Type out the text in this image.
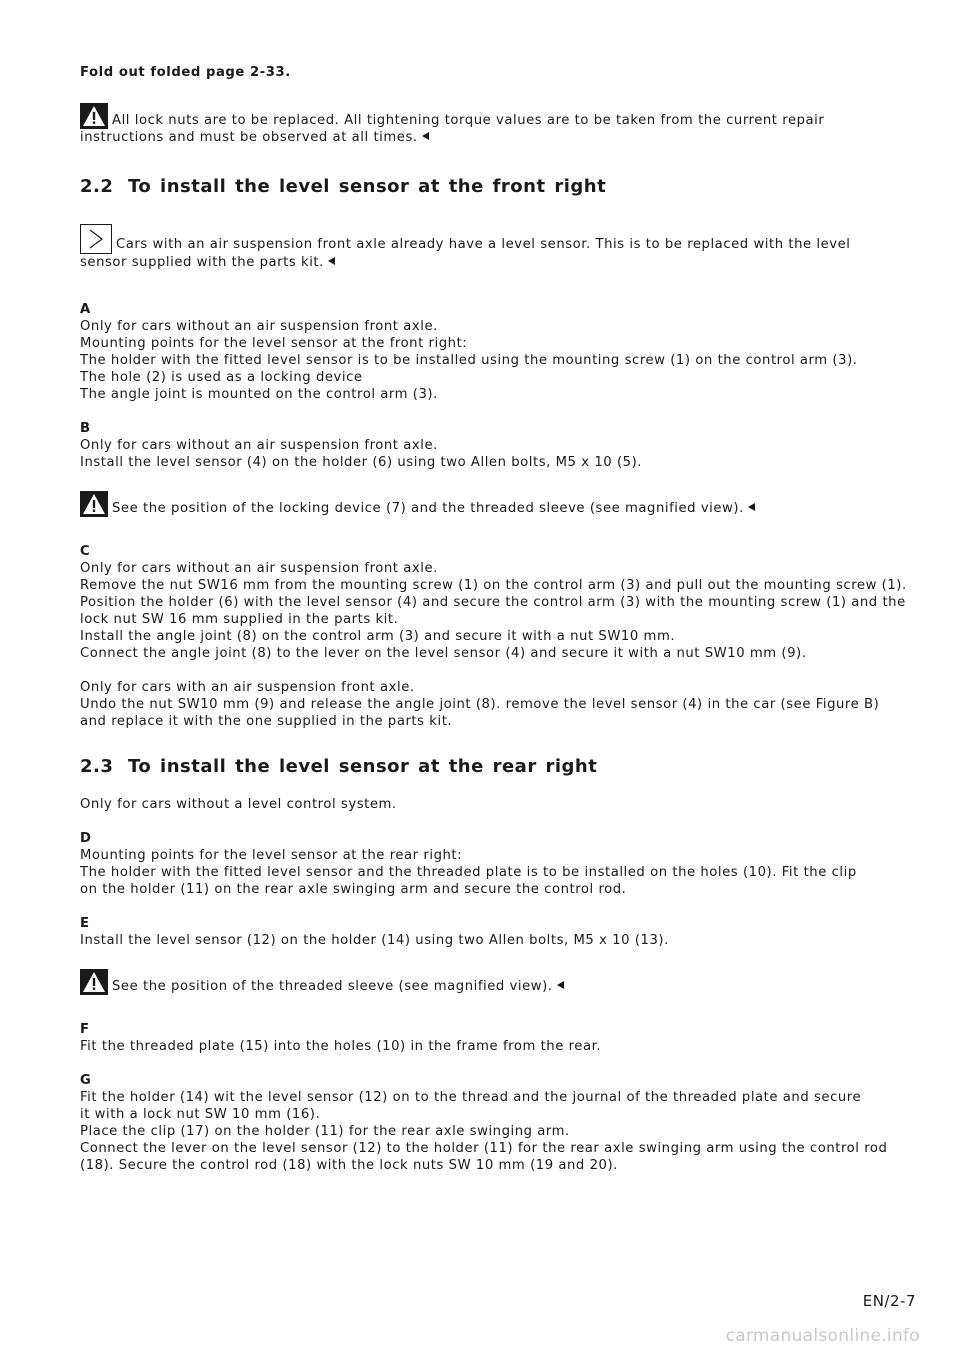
Fold out folded page 2-33.

All lock nuts are to be replaced. All tightening torque values are to be taken from the current repair
instructions and must be observed at all times.
2.2 To install the level sensor at the front right
Cars with an air suspension front axle already have a level sensor. This is to be replaced with the level
sensor supplied with the parts kit.
A
Only for cars without an air suspension front axle.
Mounting points for the level sensor at the front right:
The holder with the fitted level sensor is to be installed using the mounting screw (1) on the control arm (3).
The hole (2) is used as a locking device
The angle joint is mounted on the control arm (3).
B
Only for cars without an air suspension front axle.
Install the level sensor (4) on the holder (6) using two Allen bolts, M5 x 10 (5).
See the position of the locking device (7) and the threaded sleeve (see magnified view).
C
Only for cars without an air suspension front axle.
Remove the nut SW16 mm from the mounting screw (1) on the control arm (3) and pull out the mounting screw (1).
Position the holder (6) with the level sensor (4) and secure the control arm (3) with the mounting screw (1) and the
lock nut SW 16 mm supplied in the parts kit.
Install the angle joint (8) on the control arm (3) and secure it with a nut SW10 mm.
Connect the angle joint (8) to the lever on the level sensor (4) and secure it with a nut SW10 mm (9).
Only for cars with an air suspension front axle.
Undo the nut SW10 mm (9) and release the angle joint (8). remove the level sensor (4) in the car (see Figure B)
and replace it with the one supplied in the parts kit.
2.3 To install the level sensor at the rear right
Only for cars without a level control system.
D
Mounting points for the level sensor at the rear right:
The holder with the fitted level sensor and the threaded plate is to be installed on the holes (10). Fit the clip
on the holder (11) on the rear axle swinging arm and secure the control rod.
E
Install the level sensor (12) on the holder (14) using two Allen bolts, M5 x 10 (13).
See the position of the threaded sleeve (see magnified view).
F
Fit the threaded plate (15) into the holes (10) in the frame from the rear.
G
Fit the holder (14) wit the level sensor (12) on to the thread and the journal of the threaded plate and secure
it with a lock nut SW 10 mm (16).
Place the clip (17) on the holder (11) for the rear axle swinging arm.
Connect the lever on the level sensor (12) to the holder (11) for the rear axle swinging arm using the control rod
(18). Secure the control rod (18) with the lock nuts SW 10 mm (19 and 20).
EN/2-7
carmanualsonline.info
